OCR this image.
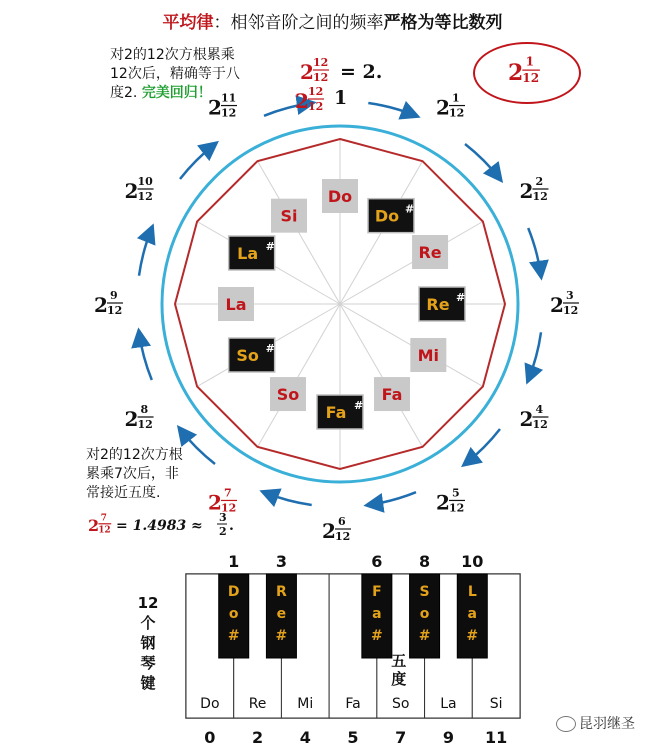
平均律：相邻音阶之间的频率严格为等比数列
对2的12次方根累乘
12次后，精确等于八
度2. 完美回归！
2 12
12 = 2.	2 1
12
2 7
12 = 1.4983 ≈
3
2 .
1	2 1
12
2 2
12
2 3
12
2 4
12
2 5
12
2 6
12
2 7
12
2 8
12
2 9
12
2 10
12
2 11
12
2 12
12
Do
Do #
Re
Re #
Mi
Fa
Fa #
So
So #
La
La #
Si
Do
0
Re
2
Mi
4
Fa
5
So
7
La
9
Si
11
D
o
#
1
R
e
#
3
F
a
#
6
S
o
#
8
L
a
#
10
五
度
12
个
钢
琴
键
对2的12次方根
累乘7次后，非
常接近五度.
昆羽继圣
